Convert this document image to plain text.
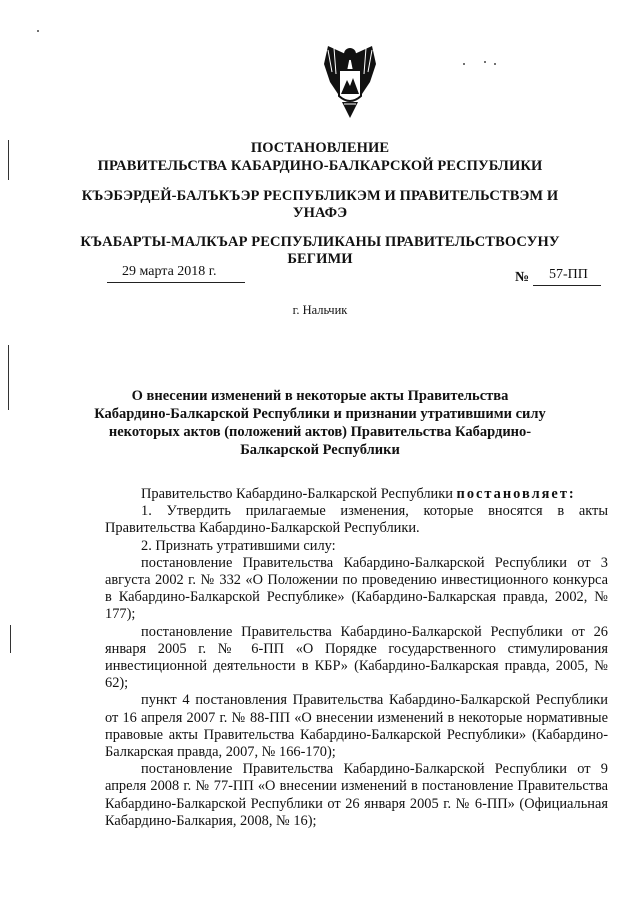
ПОСТАНОВЛЕНИЕ
ПРАВИТЕЛЬСТВА КАБАРДИНО-БАЛКАРСКОЙ РЕСПУБЛИКИ
КЪЭБЭРДЕЙ-БАЛЪКЪЭР РЕСПУБЛИКЭМ И ПРАВИТЕЛЬСТВЭМ И
УНАФЭ
КЪАБАРТЫ-МАЛКЪАР РЕСПУБЛИКАНЫ ПРАВИТЕЛЬСТВОСУНУ
БЕГИМИ
29 марта 2018 г.	№ 57-ПП
г. Нальчик
О внесении изменений в некоторые акты Правительства
Кабардино-Балкарской Республики и признании утратившими силу
некоторых актов (положений актов) Правительства Кабардино-
Балкарской Республики

Правительство Кабардино-Балкарской Республики постановляет:

1. Утвердить прилагаемые изменения, которые вносятся в акты Правительства Кабардино-Балкарской Республики.

2. Признать утратившими силу:

постановление Правительства Кабардино-Балкарской Республики от 3 августа 2002 г. № 332 «О Положении по проведению инвестиционного конкурса в Кабардино-Балкарской Республике» (Кабардино-Балкарская правда, 2002, № 177);

постановление Правительства Кабардино-Балкарской Республики от 26 января 2005 г. № 6-ПП «О Порядке государственного стимулирования инвестиционной деятельности в КБР» (Кабардино-Балкарская правда, 2005, № 62);

пункт 4 постановления Правительства Кабардино-Балкарской Республики от 16 апреля 2007 г. № 88-ПП «О внесении изменений в некоторые нормативные правовые акты Правительства Кабардино-Балкарской Республики» (Кабардино-Балкарская правда, 2007, № 166-170);

постановление Правительства Кабардино-Балкарской Республики от 9 апреля 2008 г. № 77-ПП «О внесении изменений в постановление Правительства Кабардино-Балкарской Республики от 26 января 2005 г. № 6-ПП» (Официальная Кабардино-Балкария, 2008, № 16);
